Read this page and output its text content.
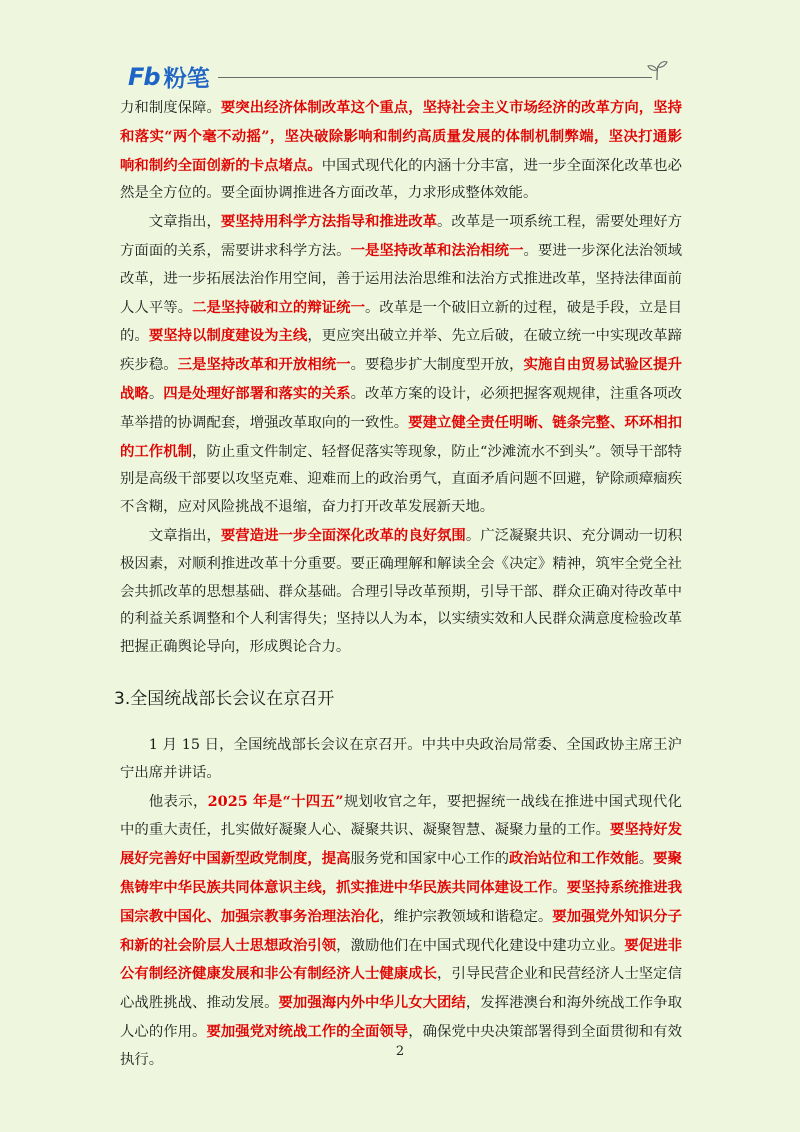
Fb 粉笔

力和制度保障。要突出经济体制改革这个重点，坚持社会主义市场经济的改革方向，坚持和落实“两个毫不动摇”，坚决破除影响和制约高质量发展的体制机制弊端，坚决打通影响和制约全面创新的卡点堵点。中国式现代化的内涵十分丰富，进一步全面深化改革也必然是全方位的。要全面协调推进各方面改革，力求形成整体效能。

文章指出，要坚持用科学方法指导和推进改革。改革是一项系统工程，需要处理好方方面面的关系，需要讲求科学方法。一是坚持改革和法治相统一。要进一步深化法治领域改革，进一步拓展法治作用空间，善于运用法治思维和法治方式推进改革，坚持法律面前人人平等。二是坚持破和立的辩证统一。改革是一个破旧立新的过程，破是手段，立是目的。要坚持以制度建设为主线，更应突出破立并举、先立后破，在破立统一中实现改革蹄疾步稳。三是坚持改革和开放相统一。要稳步扩大制度型开放，实施自由贸易试验区提升战略。四是处理好部署和落实的关系。改革方案的设计，必须把握客观规律，注重各项改革举措的协调配套，增强改革取向的一致性。要建立健全责任明晰、链条完整、环环相扣的工作机制，防止重文件制定、轻督促落实等现象，防止“沙滩流水不到头”。领导干部特别是高级干部要以攻坚克难、迎难而上的政治勇气，直面矛盾问题不回避，铲除顽瘴痼疾不含糊，应对风险挑战不退缩，奋力打开改革发展新天地。

文章指出，要营造进一步全面深化改革的良好氛围。广泛凝聚共识、充分调动一切积极因素，对顺利推进改革十分重要。要正确理解和解读全会《决定》精神，筑牢全党全社会共抓改革的思想基础、群众基础。合理引导改革预期，引导干部、群众正确对待改革中的利益关系调整和个人利害得失；坚持以人为本，以实绩实效和人民群众满意度检验改革把握正确舆论导向，形成舆论合力。

3.全国统战部长会议在京召开

1 月 15 日，全国统战部长会议在京召开。中共中央政治局常委、全国政协主席王沪宁出席并讲话。

他表示，2025 年是“十四五”规划收官之年，要把握统一战线在推进中国式现代化中的重大责任，扎实做好凝聚人心、凝聚共识、凝聚智慧、凝聚力量的工作。要坚持好发展好完善好中国新型政党制度，提高服务党和国家中心工作的政治站位和工作效能。要聚焦铸牢中华民族共同体意识主线，抓实推进中华民族共同体建设工作。要坚持系统推进我国宗教中国化、加强宗教事务治理法治化，维护宗教领域和谐稳定。要加强党外知识分子和新的社会阶层人士思想政治引领，激励他们在中国式现代化建设中建功立业。要促进非公有制经济健康发展和非公有制经济人士健康成长，引导民营企业和民营经济人士坚定信心战胜挑战、推动发展。要加强海内外中华儿女大团结，发挥港澳台和海外统战工作争取人心的作用。要加强党对统战工作的全面领导，确保党中央决策部署得到全面贯彻和有效执行。

2
